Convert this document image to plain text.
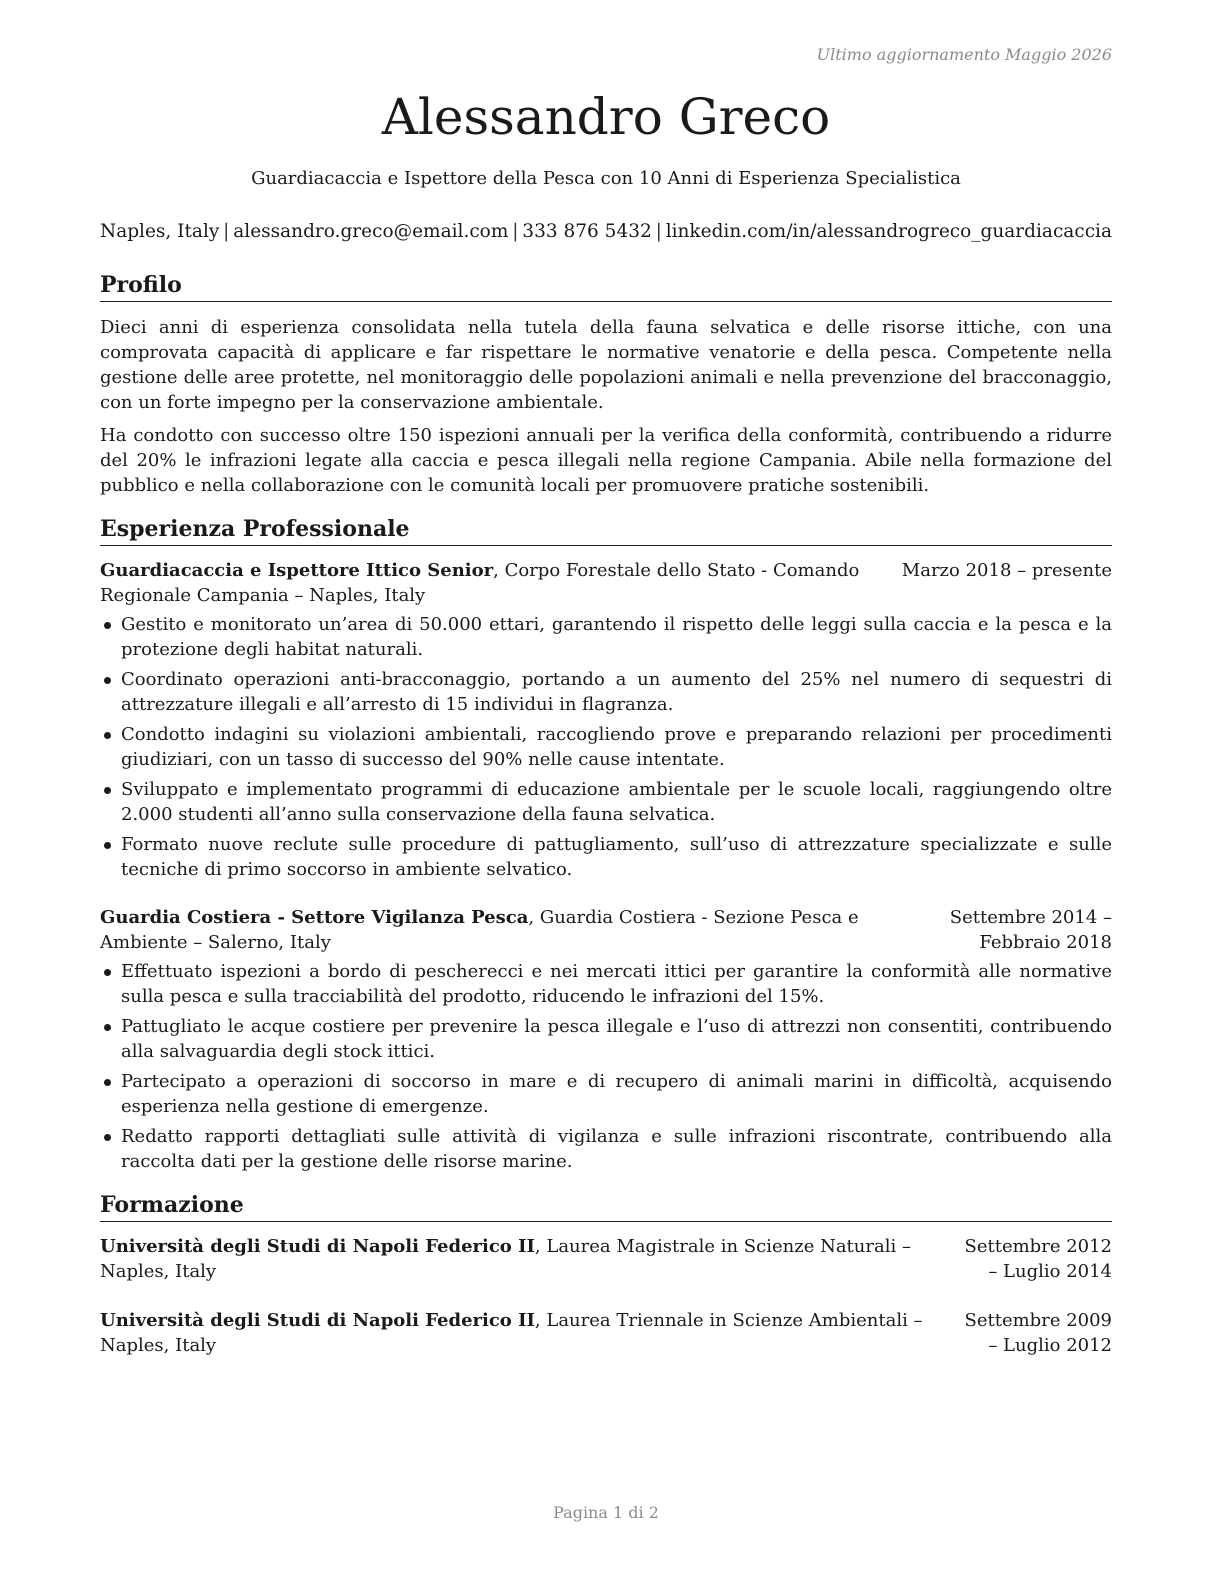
Ultimo aggiornamento Maggio 2026
Alessandro Greco
Guardiacaccia e Ispettore della Pesca con 10 Anni di Esperienza Specialistica
Naples, Italy | alessandro.greco@email.com | 333 876 5432 | linkedin.com/in/alessandrogreco_guardiacaccia
Profilo

Dieci anni di esperienza consolidata nella tutela della fauna selvatica e delle risorse ittiche, con una comprovata capacità di applicare e far rispettare le normative venatorie e della pesca. Competente nella gestione delle aree protette, nel monitoraggio delle popolazioni animali e nella prevenzione del bracconaggio, con un forte impegno per la conservazione ambientale.

Ha condotto con successo oltre 150 ispezioni annuali per la verifica della conformità, contribuendo a ridurre del 20% le infrazioni legate alla caccia e pesca illegali nella regione Campania. Abile nella formazione del pubblico e nella collaborazione con le comunità locali per promuovere pratiche sostenibili.

Esperienza Professionale
Guardiacaccia e Ispettore Ittico Senior, Corpo Forestale dello Stato - Comando Regionale Campania – Naples, Italy
Marzo 2018 – presente
Gestito e monitorato un’area di 50.000 ettari, garantendo il rispetto delle leggi sulla caccia e la pesca e la protezione degli habitat naturali.
Coordinato operazioni anti-bracconaggio, portando a un aumento del 25% nel numero di sequestri di attrezzature illegali e all’arresto di 15 individui in flagranza.
Condotto indagini su violazioni ambientali, raccogliendo prove e preparando relazioni per procedimenti giudiziari, con un tasso di successo del 90% nelle cause intentate.
Sviluppato e implementato programmi di educazione ambientale per le scuole locali, raggiungendo oltre 2.000 studenti all’anno sulla conservazione della fauna selvatica.
Formato nuove reclute sulle procedure di pattugliamento, sull’uso di attrezzature specializzate e sulle tecniche di primo soccorso in ambiente selvatico.
Guardia Costiera - Settore Vigilanza Pesca, Guardia Costiera - Sezione Pesca e Ambiente – Salerno, Italy
Settembre 2014 – Febbraio 2018
Effettuato ispezioni a bordo di pescherecci e nei mercati ittici per garantire la conformità alle normative sulla pesca e sulla tracciabilità del prodotto, riducendo le infrazioni del 15%.
Pattugliato le acque costiere per prevenire la pesca illegale e l’uso di attrezzi non consentiti, contribuendo alla salvaguardia degli stock ittici.
Partecipato a operazioni di soccorso in mare e di recupero di animali marini in difficoltà, acquisendo esperienza nella gestione di emergenze.
Redatto rapporti dettagliati sulle attività di vigilanza e sulle infrazioni riscontrate, contribuendo alla raccolta dati per la gestione delle risorse marine.
Formazione
Università degli Studi di Napoli Federico II, Laurea Magistrale in Scienze Naturali – Naples, Italy
Settembre 2012 – Luglio 2014
Università degli Studi di Napoli Federico II, Laurea Triennale in Scienze Ambientali – Naples, Italy
Settembre 2009 – Luglio 2012
Pagina 1 di 2
